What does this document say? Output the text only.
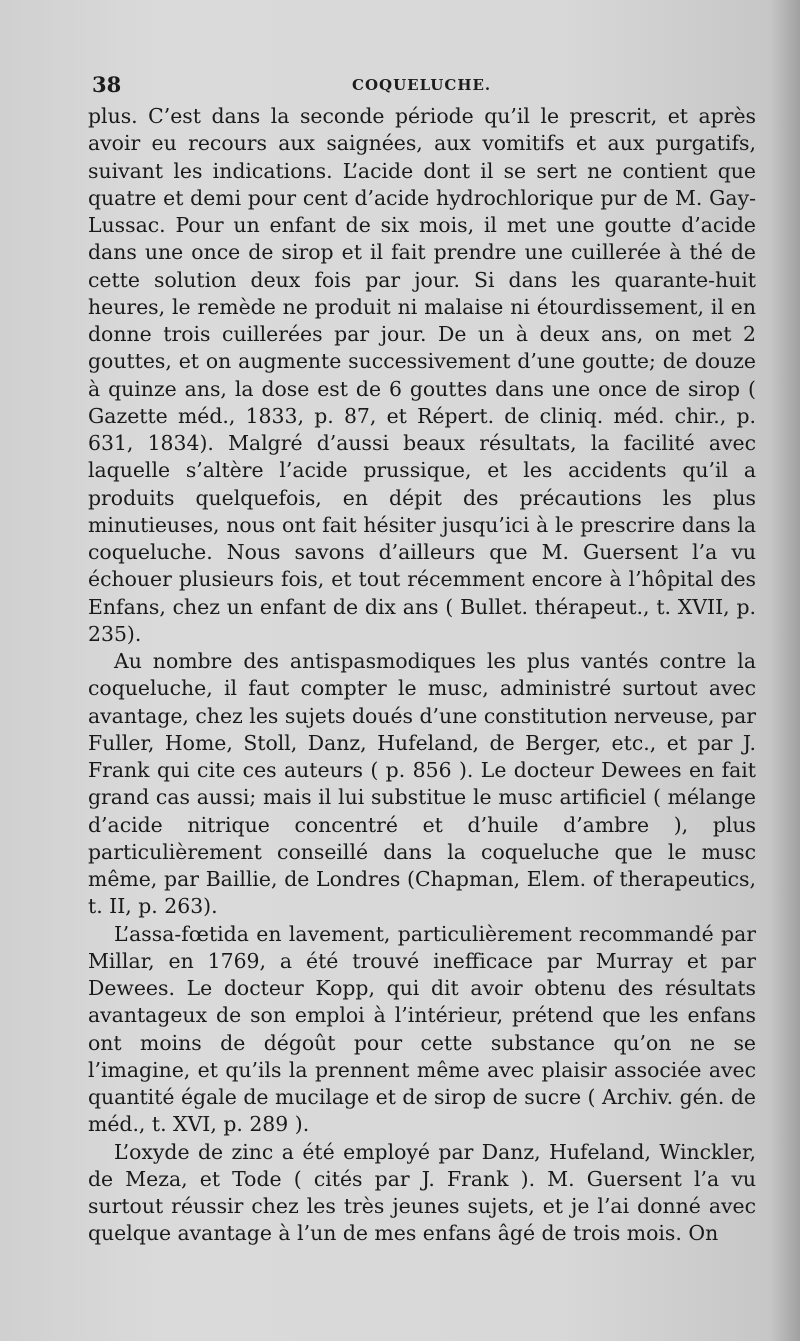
38	COQUELUCHE.

plus. C’est dans la seconde période qu’il le prescrit, et après avoir eu recours aux saignées, aux vomitifs et aux purgatifs, suivant les indications. L’acide dont il se sert ne contient que quatre et demi pour cent d’acide hydrochlorique pur de M. Gay-Lussac. Pour un enfant de six mois, il met une goutte d’acide dans une once de sirop et il fait prendre une cuillerée à thé de cette solution deux fois par jour. Si dans les quarante-huit heures, le remède ne produit ni malaise ni étourdissement, il en donne trois cuillerées par jour. De un à deux ans, on met 2 gouttes, et on augmente successivement d’une goutte; de douze à quinze ans, la dose est de 6 gouttes dans une once de sirop ( Gazette méd., 1833, p. 87, et Répert. de cliniq. méd. chir., p. 631, 1834). Malgré d’aussi beaux résultats, la facilité avec laquelle s’altère l’acide prussique, et les accidents qu’il a produits quelquefois, en dépit des précautions les plus minutieuses, nous ont fait hésiter jusqu’ici à le prescrire dans la coqueluche. Nous savons d’ailleurs que M. Guersent l’a vu échouer plusieurs fois, et tout récemment encore à l’hôpital des Enfans, chez un enfant de dix ans ( Bullet. thérapeut., t. XVII, p. 235).

Au nombre des antispasmodiques les plus vantés contre la coqueluche, il faut compter le musc, administré surtout avec avantage, chez les sujets doués d’une constitution nerveuse, par Fuller, Home, Stoll, Danz, Hufeland, de Berger, etc., et par J. Frank qui cite ces auteurs ( p. 856 ). Le docteur Dewees en fait grand cas aussi; mais il lui substitue le musc artificiel ( mélange d’acide nitrique concentré et d’huile d’ambre ), plus particulièrement conseillé dans la coqueluche que le musc même, par Baillie, de Londres (Chapman, Elem. of therapeutics, t. II, p. 263).

L’assa-fœtida en lavement, particulièrement recommandé par Millar, en 1769, a été trouvé inefficace par Murray et par Dewees. Le docteur Kopp, qui dit avoir obtenu des résultats avantageux de son emploi à l’intérieur, prétend que les enfans ont moins de dégoût pour cette substance qu’on ne se l’imagine, et qu’ils la prennent même avec plaisir associée avec quantité égale de mucilage et de sirop de sucre ( Archiv. gén. de méd., t. XVI, p. 289 ).

L’oxyde de zinc a été employé par Danz, Hufeland, Winckler, de Meza, et Tode ( cités par J. Frank ). M. Guersent l’a vu surtout réussir chez les très jeunes sujets, et je l’ai donné avec quelque avantage à l’un de mes enfans âgé de trois mois. On
